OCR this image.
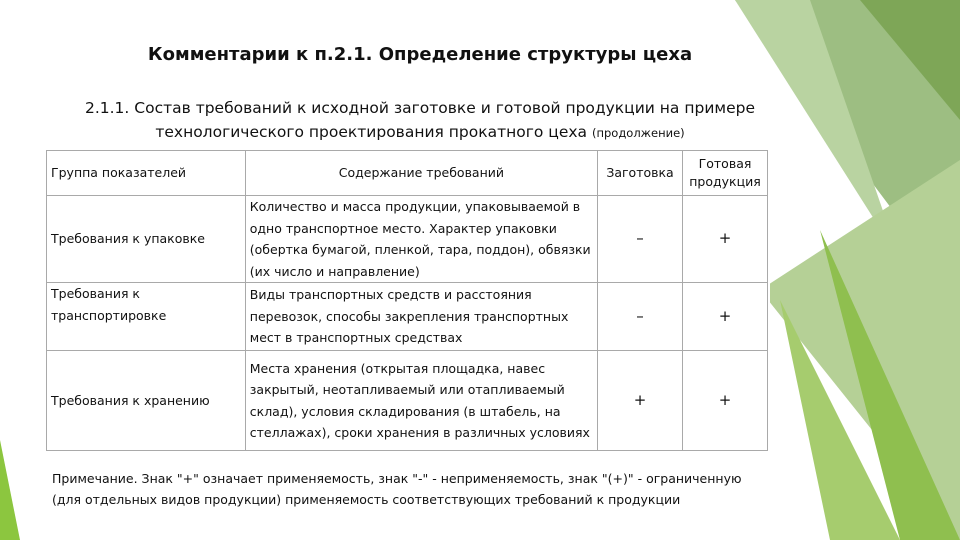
Комментарии к п.2.1. Определение структуры цеха
2.1.1. Состав требований к исходной заготовке и готовой продукции на примере технологического проектирования прокатного цеха (продолжение)
Группа показателей	Содержание требований	Заготовка	Готовая продукция
Требования к упаковке	Количество и масса продукции, упаковываемой в одно транспортное место. Характер упаковки (обертка бумагой, пленкой, тара, поддон), обвязки (их число и направление)	–	+
Требования к транспортировке	Виды транспортных средств и расстояния перевозок, способы закрепления транспортных мест в транспортных средствах	–	+
Требования к хранению	Места хранения (открытая площадка, навес закрытый, неотапливаемый или отапливаемый склад), условия складирования (в штабель, на стеллажах), сроки хранения в различных условиях	+	+
Примечание. Знак "+" означает применяемость, знак "-" - неприменяемость, знак "(+)" - ограниченную (для отдельных видов продукции) применяемость соответствующих требований к продукции
